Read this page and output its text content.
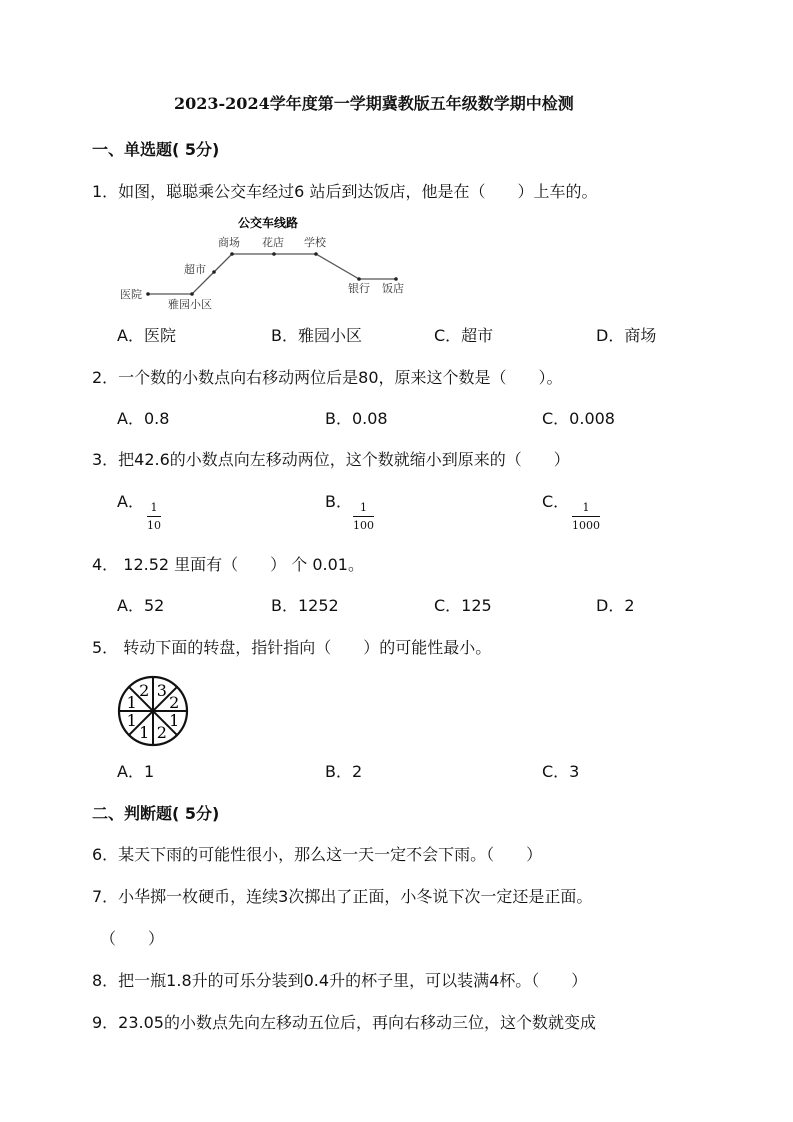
2023-2024学年度第一学期冀教版五年级数学期中检测
一、单选题( 5分)
1．如图，聪聪乘公交车经过6 站后到达饭店，他是在（　　）上车的。
公交车线路
医院
雅园小区
超市
商场 花店 学校
银行 饭店
A．医院	B．雅园小区	C．超市	D．商场
2．一个数的小数点向右移动两位后是80，原来这个数是（　　）。
A．0.8	B．0.08	C．0.008
3．把42.6的小数点向左移动两位，这个数就缩小到原来的（　　）
A． 1
10
B． 1
100
C． 1
1000
4． 12.52 里面有（　　） 个 0.01。
A．52	B．1252	C．125	D．2
5． 转动下面的转盘，指针指向（　　）的可能性最小。
3
2
1
2
1
1
1
2
A．1	B．2	C．3
二、判断题( 5分)
6．某天下雨的可能性很小，那么这一天一定不会下雨。（　　）
7．小华掷一枚硬币，连续3次掷出了正面，小冬说下次一定还是正面。
（　　）
8．把一瓶1.8升的可乐分装到0.4升的杯子里，可以装满4杯。（　　）
9．23.05的小数点先向左移动五位后，再向右移动三位，这个数就变成
